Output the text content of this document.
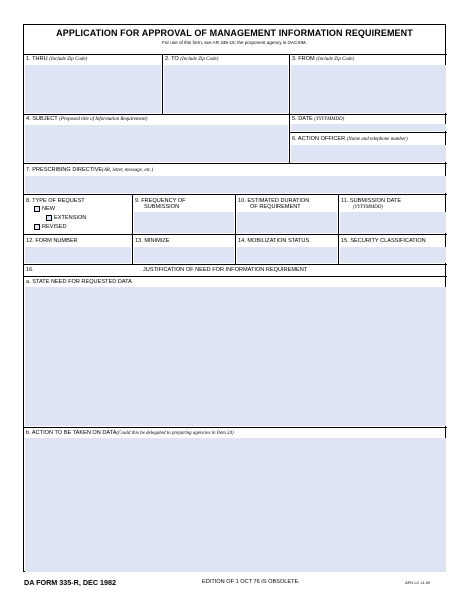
APPLICATION FOR APPROVAL OF MANAGEMENT INFORMATION REQUIREMENT
For use of this form, see AR 335-15; the proponent agency is OACSIM.
1. THRU (Include Zip Code)	2. TO (Include Zip Code)	3. FROM (Include Zip Code)
4. SUBJECT (Proposed title of Information Requirement)	5. DATE (YYYYMMDD)
6. ACTION OFFICER (Name and telephone number)
7. PRESCRIBING DIRECTIVE(AR, letter, message, etc.)
8. TYPE OF REQUEST
NEW
EXTENSION
REVISED
9. FREQUENCY OF
SUBMISSION
10. ESTIMATED DURATION
OF REQUIREMENT
11. SUBMISSION DATE
(YYYYMMDD)
12. FORM NUMBER	13. MINIMIZE	14. MOBILIZATION STATUS	15. SECURITY CLASSIFICATION
16.	JUSTIFICATION OF NEED FOR INFORMATION REQUIREMENT
a. STATE NEED FOR REQUESTED DATA
b. ACTION TO BE TAKEN ON DATA(Could this be delegated to preparing agencies in Item 24)
DA FORM 335-R, DEC 1982	EDITION OF 1 OCT 76 IS OBSOLETE.	APD LC v1.00
